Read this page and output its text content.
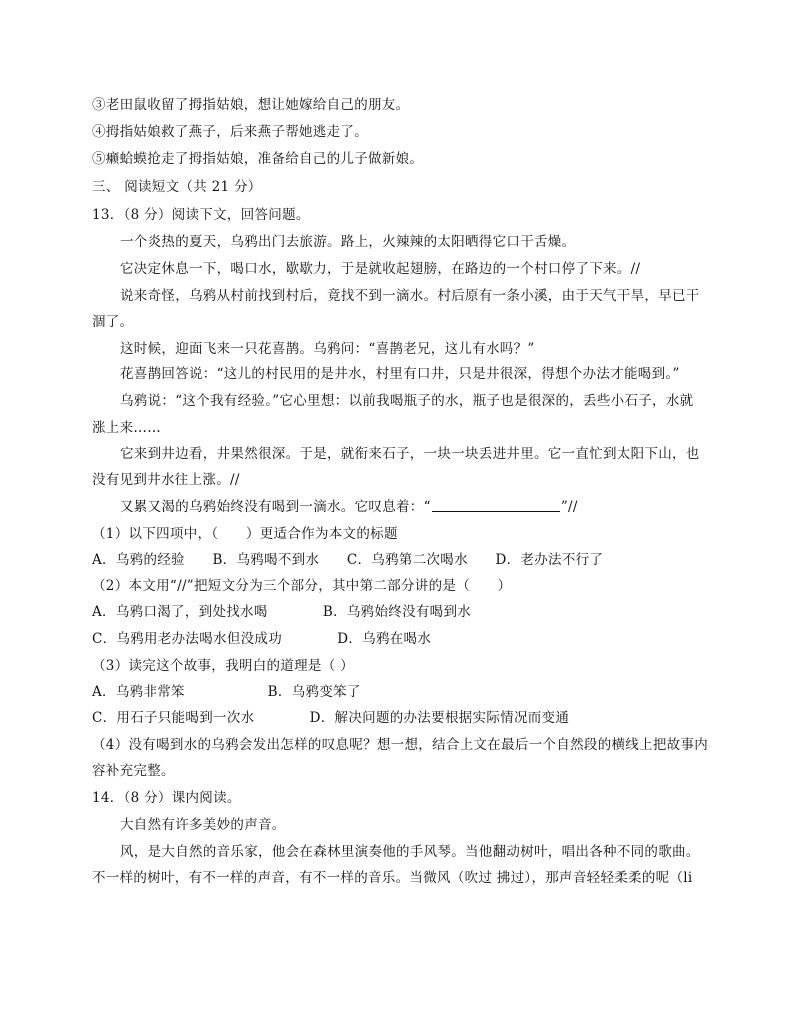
③老田鼠收留了拇指姑娘，想让她嫁给自己的朋友。
④拇指姑娘救了燕子，后来燕子帮她逃走了。
⑤癞蛤蟆抢走了拇指姑娘，准备给自己的儿子做新娘。
三、 阅读短文（共 21 分）
13．（8 分）阅读下文，回答问题。
一个炎热的夏天，乌鸦出门去旅游。路上，火辣辣的太阳晒得它口干舌燥。
它决定休息一下，喝口水，歇歇力，于是就收起翅膀，在路边的一个村口停了下来。//
说来奇怪，乌鸦从村前找到村后，竟找不到一滴水。村后原有一条小溪，由于天气干旱，早已干
涸了。
这时候，迎面飞来一只花喜鹊。乌鸦问：“喜鹊老兄，这儿有水吗？”
花喜鹊回答说：“这儿的村民用的是井水，村里有口井，只是井很深，得想个办法才能喝到。”
乌鸦说：“这个我有经验。”它心里想：以前我喝瓶子的水，瓶子也是很深的，丢些小石子，水就
涨上来……
它来到井边看，井果然很深。于是，就衔来石子，一块一块丢进井里。它一直忙到太阳下山，也
没有见到井水往上涨。//
又累又渴的乌鸦始终没有喝到一滴水。它叹息着：“	”//
（1）以下四项中，（　　）更适合作为本文的标题
A．乌鸦的经验　　B．乌鸦喝不到水　　C．乌鸦第二次喝水　　D．老办法不行了
（2）本文用“//”把短文分为三个部分，其中第二部分讲的是（　　）
A．乌鸦口渴了，到处找水喝　　　　B．乌鸦始终没有喝到水
C．乌鸦用老办法喝水但没成功　　　　D．乌鸦在喝水
（3）读完这个故事，我明白的道理是（ ）
A．乌鸦非常笨　　　　　　B．乌鸦变笨了
C．用石子只能喝到一次水　　　　D．解决问题的办法要根据实际情况而变通
（4）没有喝到水的乌鸦会发出怎样的叹息呢？想一想，结合上文在最后一个自然段的横线上把故事内
容补充完整。
14．（8 分）课内阅读。
大自然有许多美妙的声音。
风，是大自然的音乐家，他会在森林里演奏他的手风琴。当他翻动树叶，唱出各种不同的歌曲。
不一样的树叶，有不一样的声音，有不一样的音乐。当微风（吹过 拂过），那声音轻轻柔柔的呢（li
